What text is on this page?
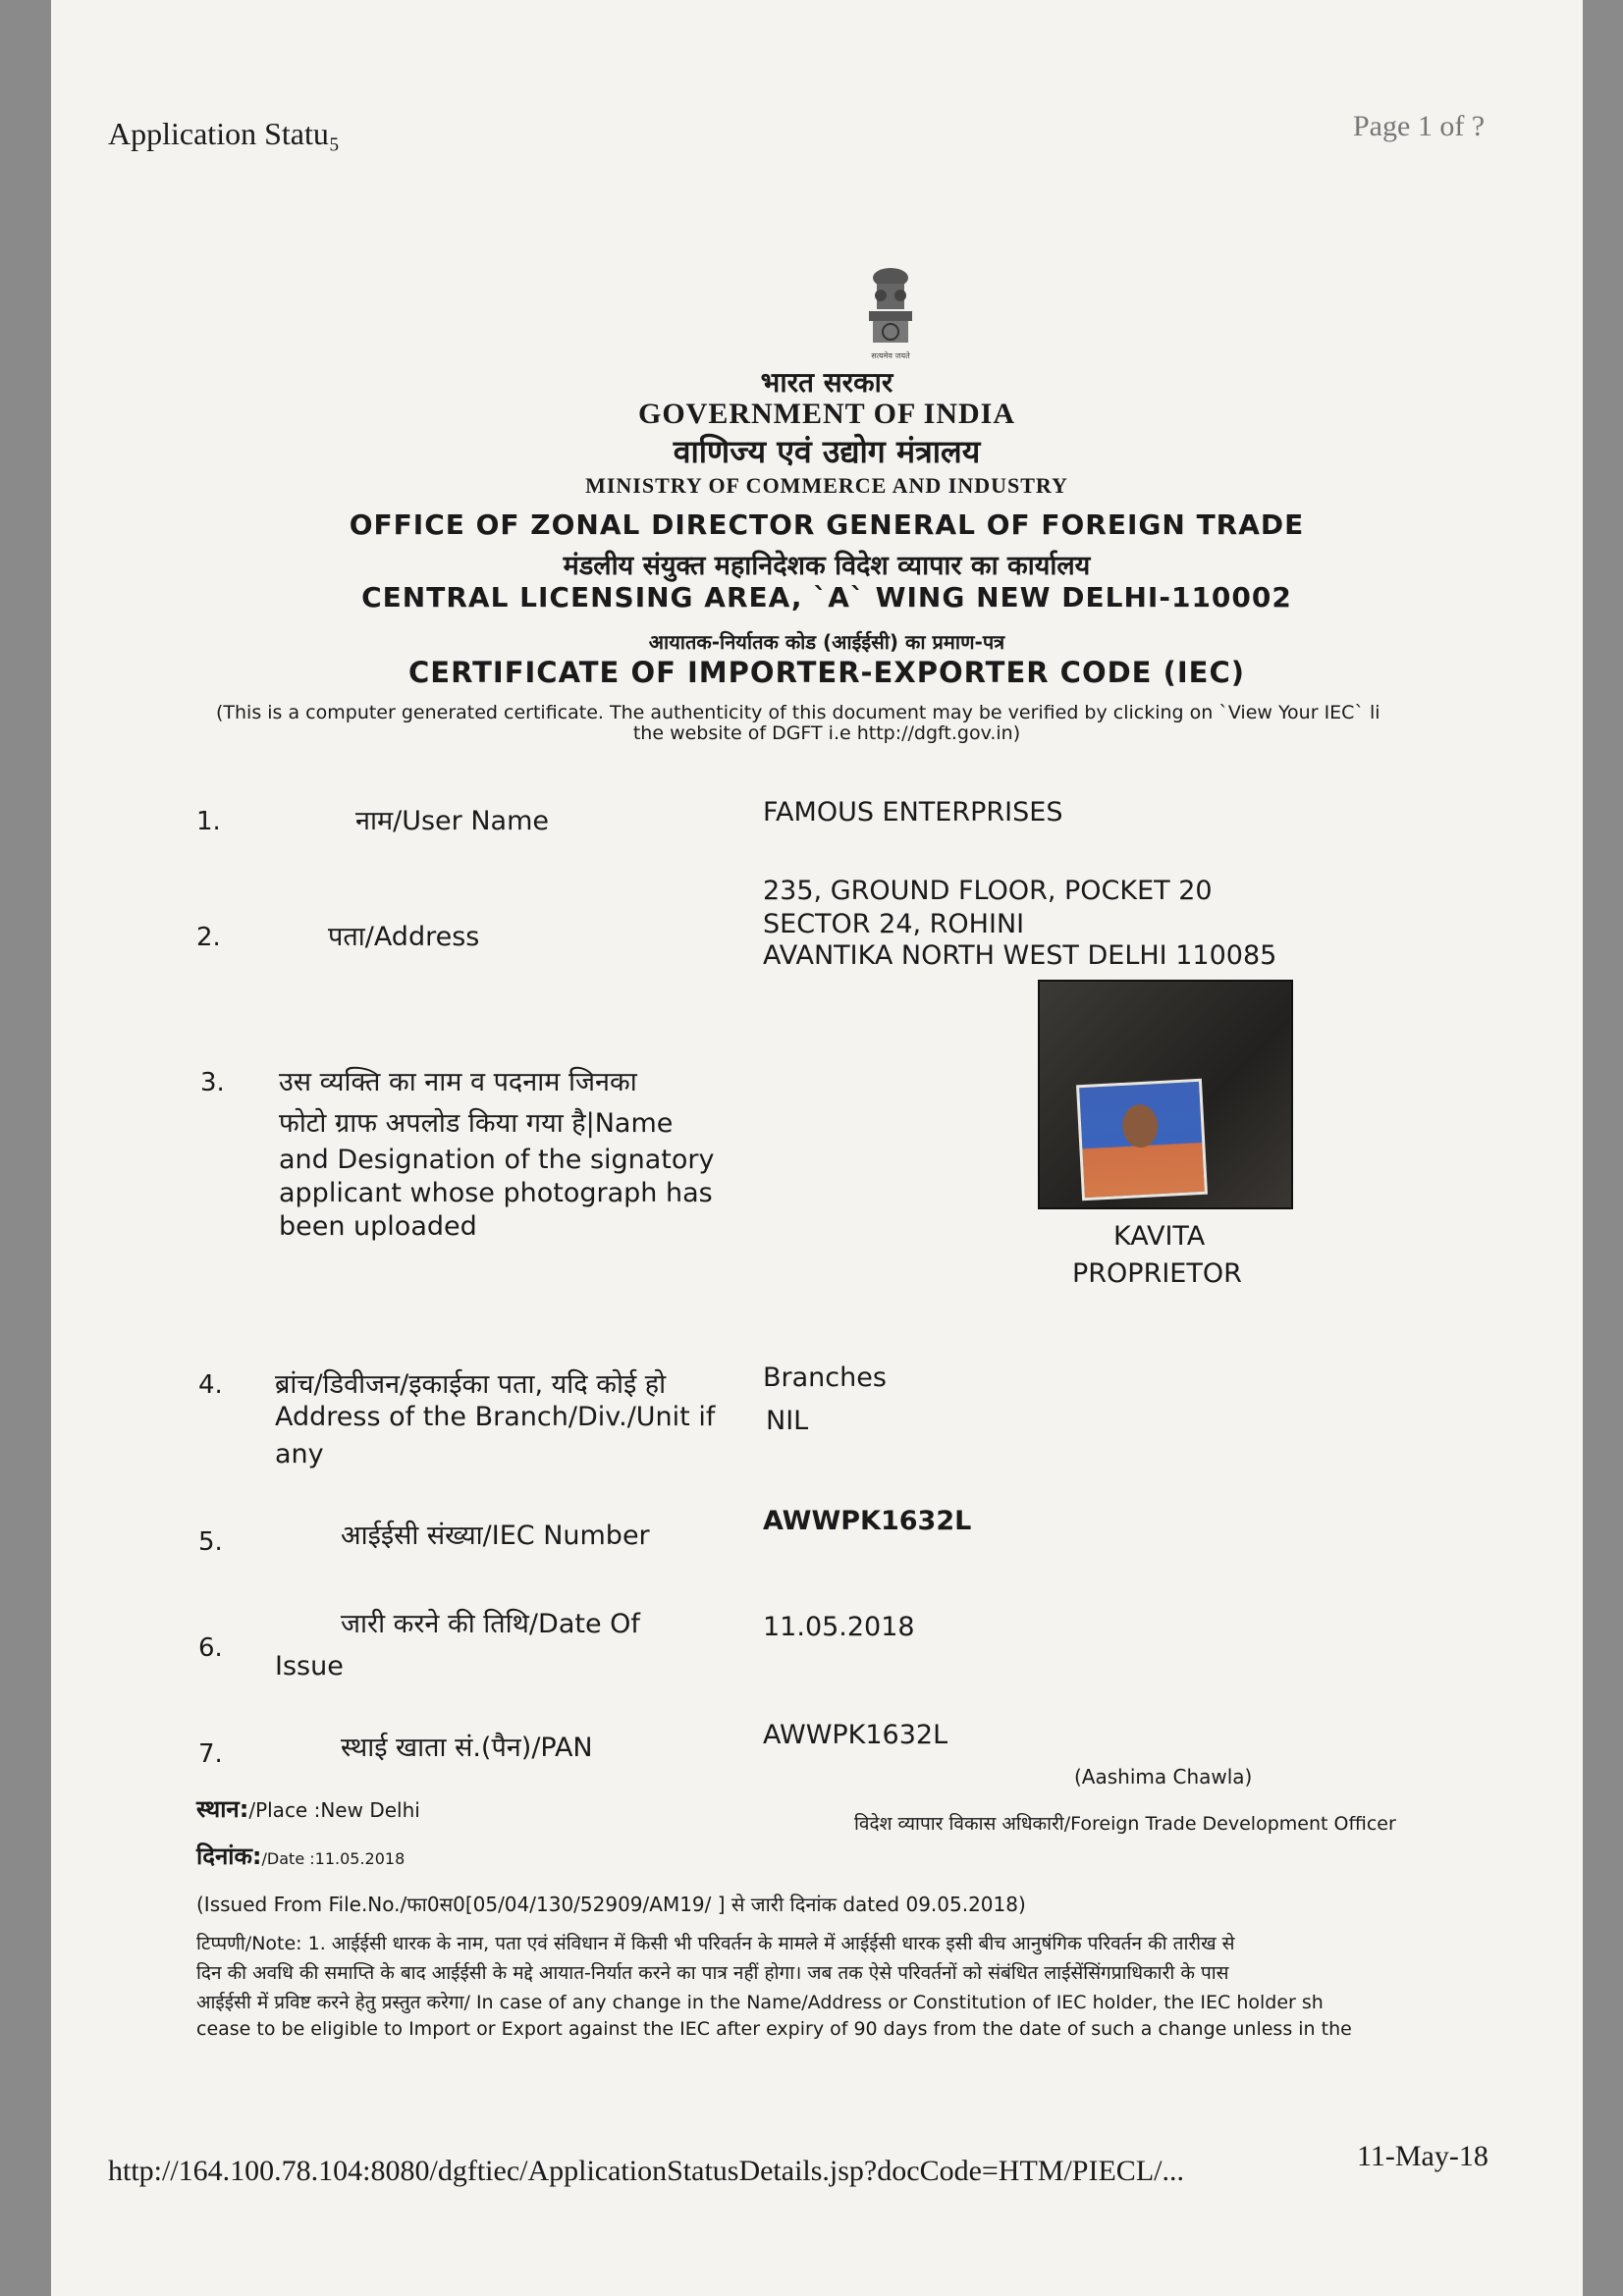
Application Statu₅	Page 1 of ?
सत्यमेव जयते
भारत सरकार
GOVERNMENT OF INDIA
वाणिज्य एवं उद्योग मंत्रालय
MINISTRY OF COMMERCE AND INDUSTRY
OFFICE OF ZONAL DIRECTOR GENERAL OF FOREIGN TRADE
मंडलीय संयुक्त महानिदेशक विदेश व्यापार का कार्यालय
CENTRAL LICENSING AREA, `A` WING NEW DELHI-110002
आयातक-निर्यातक कोड (आईईसी) का प्रमाण-पत्र
CERTIFICATE OF IMPORTER-EXPORTER CODE (IEC)
(This is a computer generated certificate. The authenticity of this document may be verified by clicking on `View Your IEC` li
the website of DGFT i.e http://dgft.gov.in)
1.	नाम/User Name	FAMOUS ENTERPRISES
2.	पता/Address
235, GROUND FLOOR, POCKET 20
SECTOR 24, ROHINI
AVANTIKA NORTH WEST DELHI 110085
3. उस व्यक्ति का नाम व पदनाम जिनका
फोटो ग्राफ अपलोड किया गया है|Name
and Designation of the signatory
applicant whose photograph has
been uploaded	KAVITA
PROPRIETOR
4. ब्रांच/डिवीजन/इकाईका पता, यदि कोई हो
Address of the Branch/Div./Unit if
any
Branches
NIL
5.	आईईसी संख्या/IEC Number	AWWPK1632L
6.
जारी करने की तिथि/Date Of
Issue
11.05.2018
7.	स्थाई खाता सं.(पैन)/PAN	AWWPK1632L
(Aashima Chawla)
विदेश व्यापार विकास अधिकारी/Foreign Trade Development Officer
स्थान:/Place :New Delhi
दिनांक:/Date :11.05.2018
(Issued From File.No./फा0स0[05/04/130/52909/AM19/ ] से जारी दिनांक dated 09.05.2018)
टिप्पणी/Note: 1. आईईसी धारक के नाम, पता एवं संविधान में किसी भी परिवर्तन के मामले में आईईसी धारक इसी बीच आनुषंगिक परिवर्तन की तारीख से
दिन की अवधि की समाप्ति के बाद आईईसी के मद्दे आयात-निर्यात करने का पात्र नहीं होगा। जब तक ऐसे परिवर्तनों को संबंधित लाईसेंसिंगप्राधिकारी के पास
आईईसी में प्रविष्ट करने हेतु प्रस्तुत करेगा/ In case of any change in the Name/Address or Constitution of IEC holder, the IEC holder sh
cease to be eligible to Import or Export against the IEC after expiry of 90 days from the date of such a change unless in the
http://164.100.78.104:8080/dgftiec/ApplicationStatusDetails.jsp?docCode=HTM/PIECL/...	11-May-18
